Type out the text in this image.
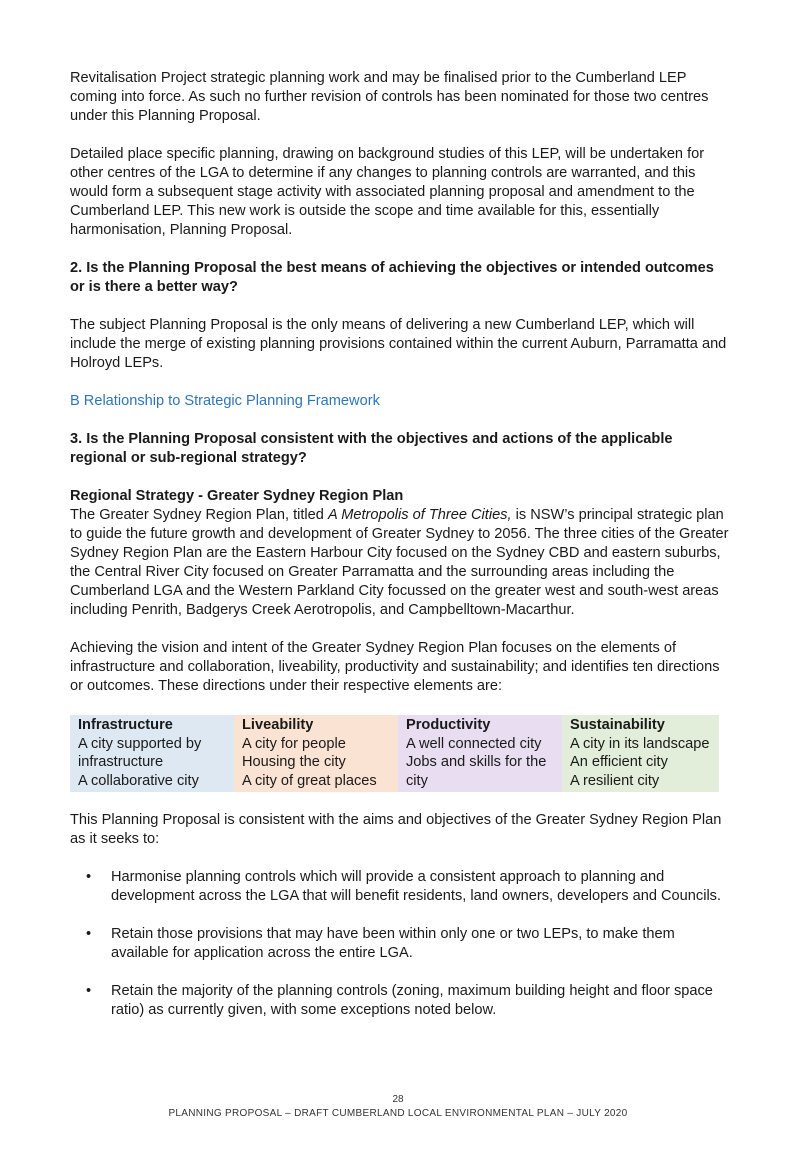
Revitalisation Project strategic planning work and may be finalised prior to the Cumberland LEP coming into force. As such no further revision of controls has been nominated for those two centres under this Planning Proposal.

Detailed place specific planning, drawing on background studies of this LEP, will be undertaken for other centres of the LGA to determine if any changes to planning controls are warranted, and this would form a subsequent stage activity with associated planning proposal and amendment to the Cumberland LEP. This new work is outside the scope and time available for this, essentially harmonisation, Planning Proposal.

2. Is the Planning Proposal the best means of achieving the objectives or intended outcomes or is there a better way?

The subject Planning Proposal is the only means of delivering a new Cumberland LEP, which will include the merge of existing planning provisions contained within the current Auburn, Parramatta and Holroyd LEPs.

B Relationship to Strategic Planning Framework

3. Is the Planning Proposal consistent with the objectives and actions of the applicable regional or sub-regional strategy?

Regional Strategy - Greater Sydney Region Plan

The Greater Sydney Region Plan, titled A Metropolis of Three Cities, is NSW’s principal strategic plan to guide the future growth and development of Greater Sydney to 2056. The three cities of the Greater Sydney Region Plan are the Eastern Harbour City focused on the Sydney CBD and eastern suburbs, the Central River City focused on Greater Parramatta and the surrounding areas including the Cumberland LGA and the Western Parkland City focussed on the greater west and south-west areas including Penrith, Badgerys Creek Aerotropolis, and Campbelltown-Macarthur.

Achieving the vision and intent of the Greater Sydney Region Plan focuses on the elements of infrastructure and collaboration, liveability, productivity and sustainability; and identifies ten directions or outcomes. These directions under their respective elements are:

Infrastructure
A city supported by infrastructure
A collaborative city
Liveability
A city for people
Housing the city
A city of great places
Productivity
A well connected city Jobs and skills for the city
Sustainability
A city in its landscape
An efficient city
A resilient city

This Planning Proposal is consistent with the aims and objectives of the Greater Sydney Region Plan as it seeks to:

• Harmonise planning controls which will provide a consistent approach to planning and development across the LGA that will benefit residents, land owners, developers and Councils.
• Retain those provisions that may have been within only one or two LEPs, to make them available for application across the entire LGA.
• Retain the majority of the planning controls (zoning, maximum building height and floor space ratio) as currently given, with some exceptions noted below.
28
PLANNING PROPOSAL – DRAFT CUMBERLAND LOCAL ENVIRONMENTAL PLAN – JULY 2020
